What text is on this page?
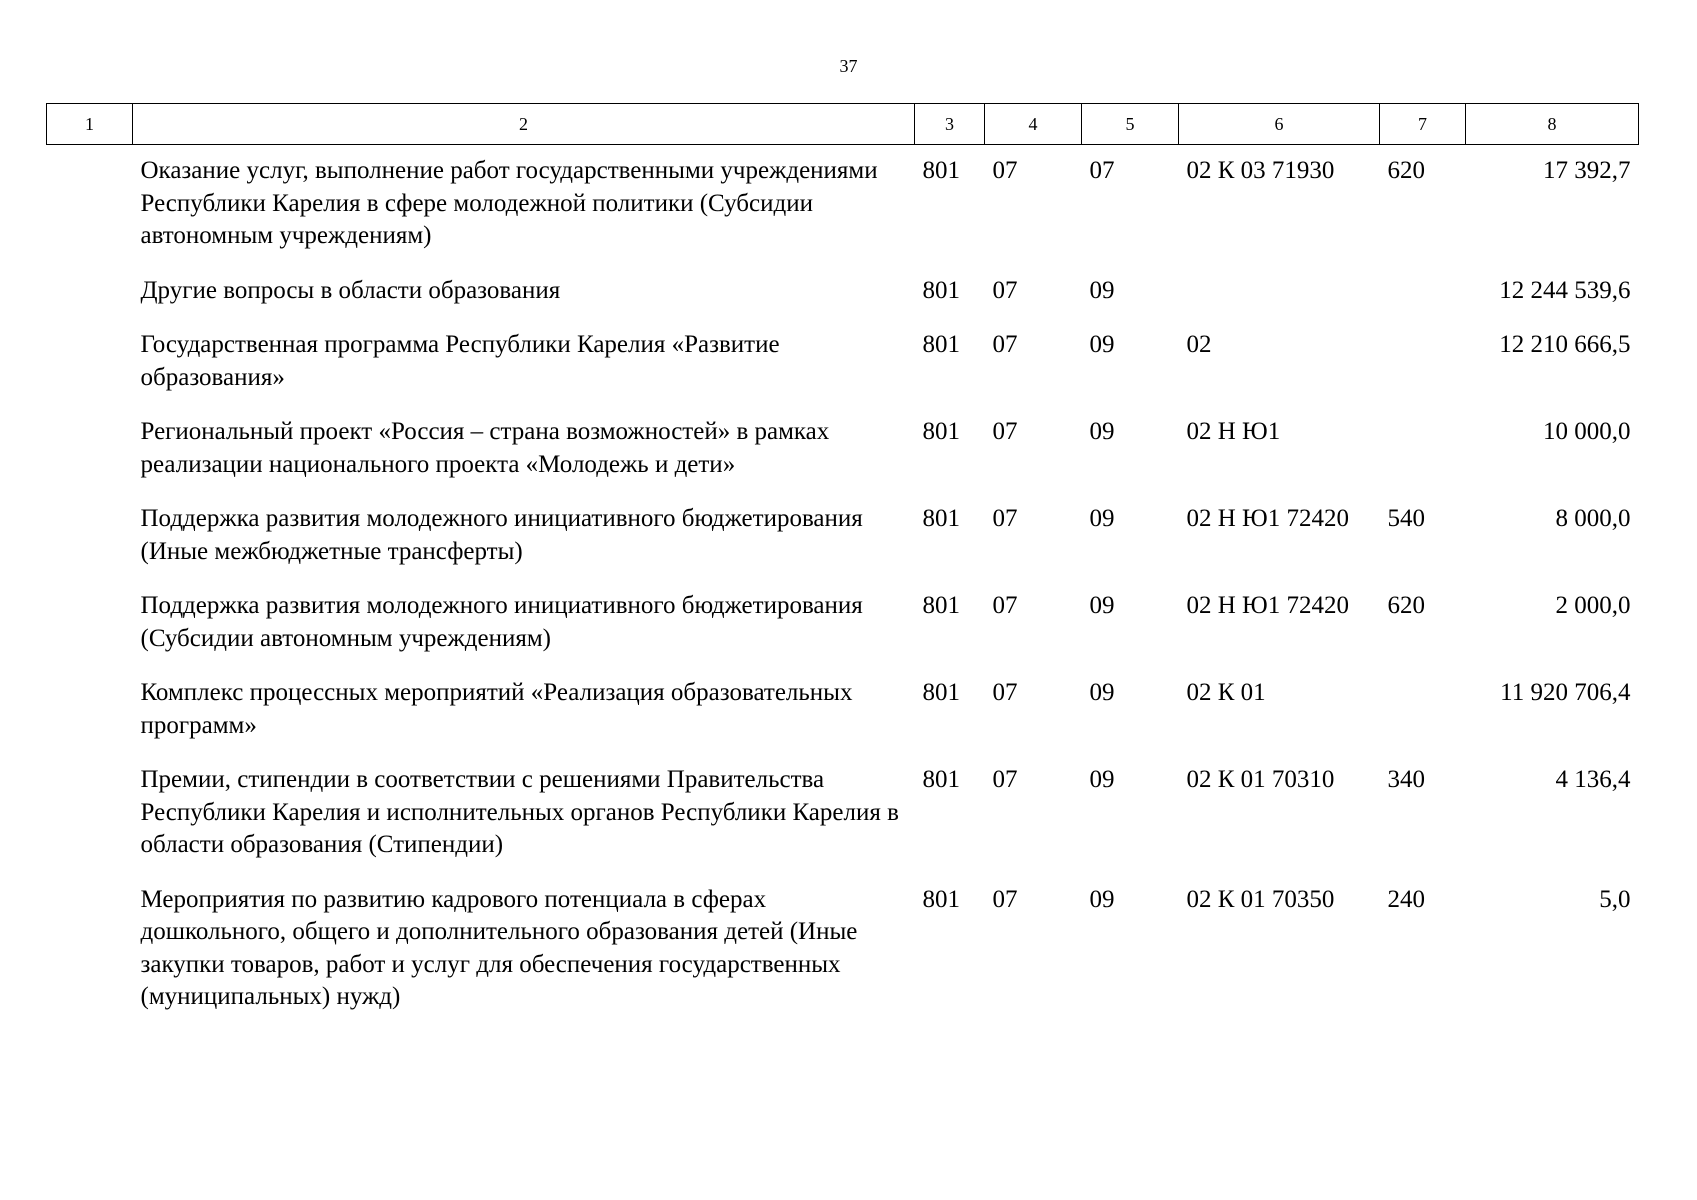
37
1	2	3	4	5	6	7	8
	Оказание услуг, выполнение работ государственными учреждениями Республики Карелия в сфере молодежной политики (Субсидии автономным учреждениям)	801	07	07	02 К 03 71930	620	17 392,7
	Другие вопросы в области образования	801	07	09			12 244 539,6
	Государственная программа Республики Карелия «Развитие образования»	801	07	09	02		12 210 666,5
	Региональный проект «Россия – страна возможностей» в рамках реализации национального проекта «Молодежь и дети»	801	07	09	02 Н Ю1		10 000,0
	Поддержка развития молодежного инициативного бюджетирования (Иные межбюджетные трансферты)	801	07	09	02 Н Ю1 72420	540	8 000,0
	Поддержка развития молодежного инициативного бюджетирования (Субсидии автономным учреждениям)	801	07	09	02 Н Ю1 72420	620	2 000,0
	Комплекс процессных мероприятий «Реализация образовательных программ»	801	07	09	02 К 01		11 920 706,4
	Премии, стипендии в соответствии с решениями Правительства Республики Карелия и исполнительных органов Республики Карелия в области образования (Стипендии)	801	07	09	02 К 01 70310	340	4 136,4
	Мероприятия по развитию кадрового потенциала в сферах дошкольного, общего и дополнительного образования детей (Иные закупки товаров, работ и услуг для обеспечения государственных (муниципальных) нужд)	801	07	09	02 К 01 70350	240	5,0
